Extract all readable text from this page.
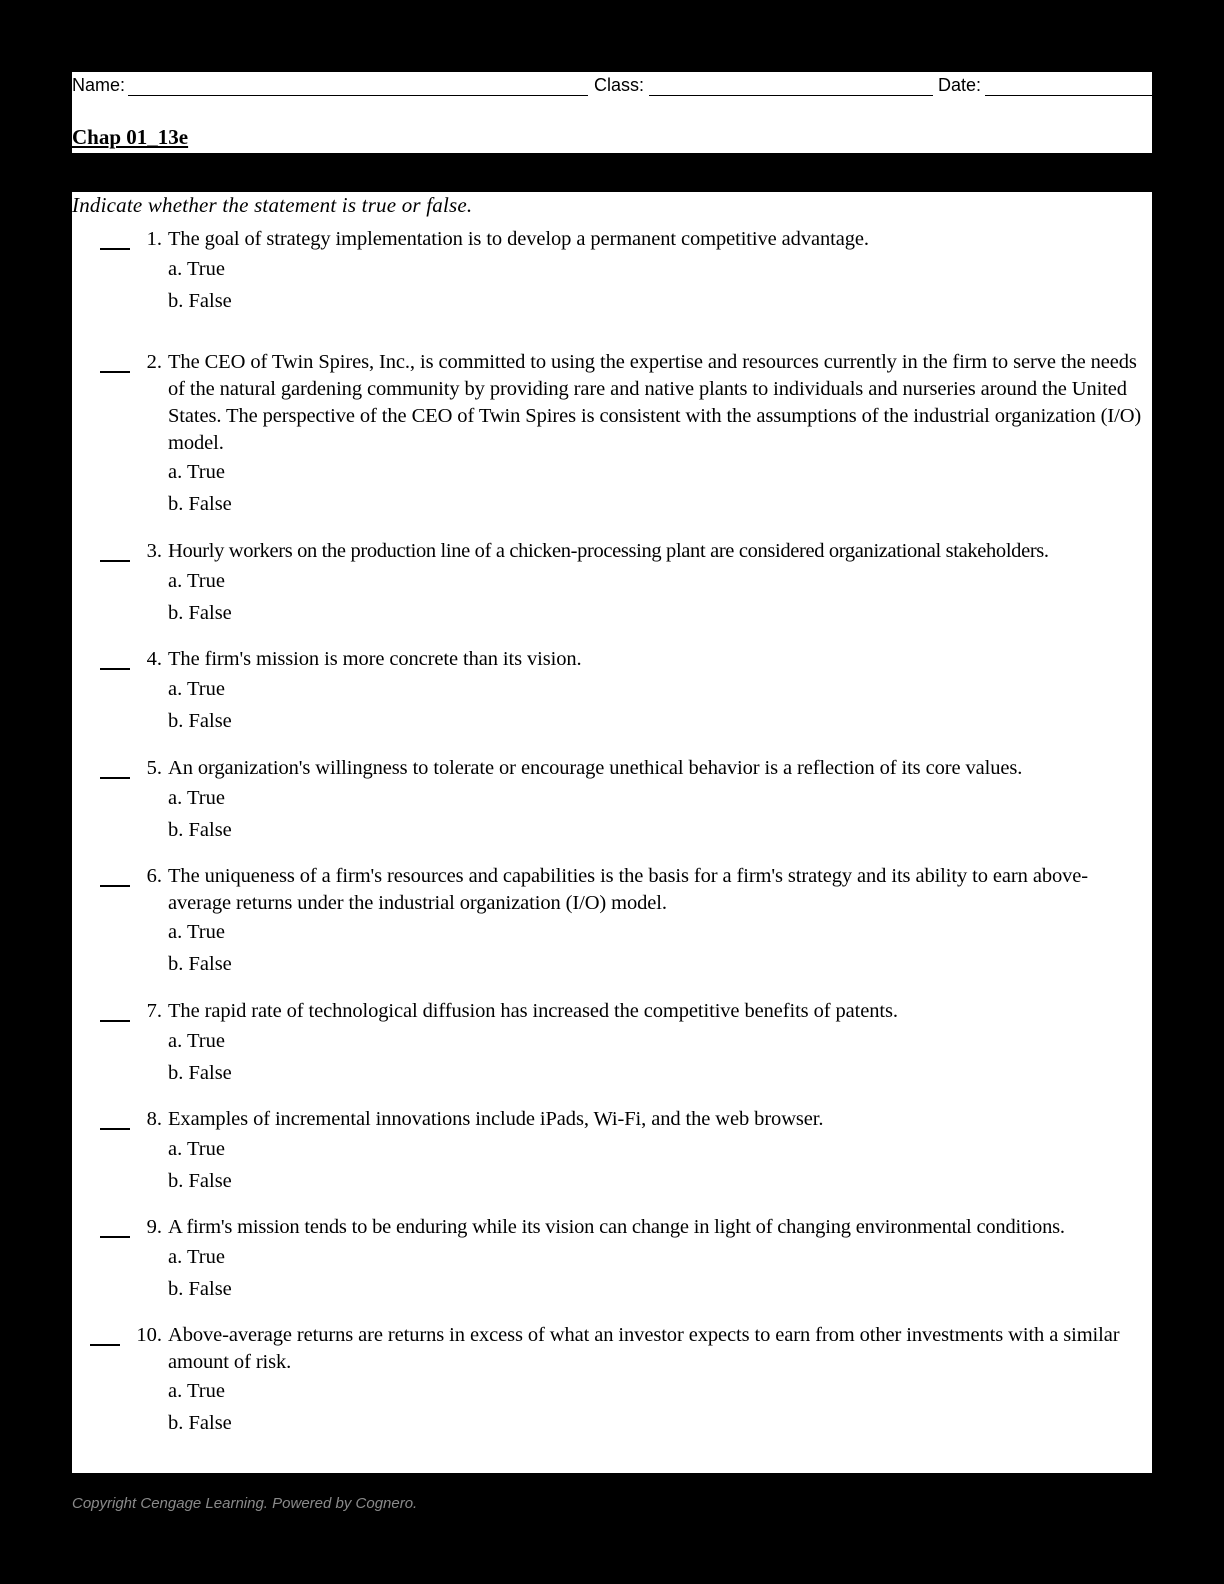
Name:	Class:	Date:
Chap 01_13e
Indicate whether the statement is true or false.
1. The goal of strategy implementation is to develop a permanent competitive advantage.
a. True
b. False
2. The CEO of Twin Spires, Inc., is committed to using the expertise and resources currently in the firm to serve the needs of the natural gardening community by providing rare and native plants to individuals and nurseries around the United States. The perspective of the CEO of Twin Spires is consistent with the assumptions of the industrial organization (I/O) model.
a. True
b. False
3. Hourly workers on the production line of a chicken-processing plant are considered organizational stakeholders.
a. True
b. False
4. The firm's mission is more concrete than its vision.
a. True
b. False
5. An organization's willingness to tolerate or encourage unethical behavior is a reflection of its core values.
a. True
b. False
6. The uniqueness of a firm's resources and capabilities is the basis for a firm's strategy and its ability to earn above-average returns under the industrial organization (I/O) model.
a. True
b. False
7. The rapid rate of technological diffusion has increased the competitive benefits of patents.
a. True
b. False
8. Examples of incremental innovations include iPads, Wi-Fi, and the web browser.
a. True
b. False
9. A firm's mission tends to be enduring while its vision can change in light of changing environmental conditions.
a. True
b. False
10. Above-average returns are returns in excess of what an investor expects to earn from other investments with a similar amount of risk.
a. True
b. False
Copyright Cengage Learning. Powered by Cognero.
